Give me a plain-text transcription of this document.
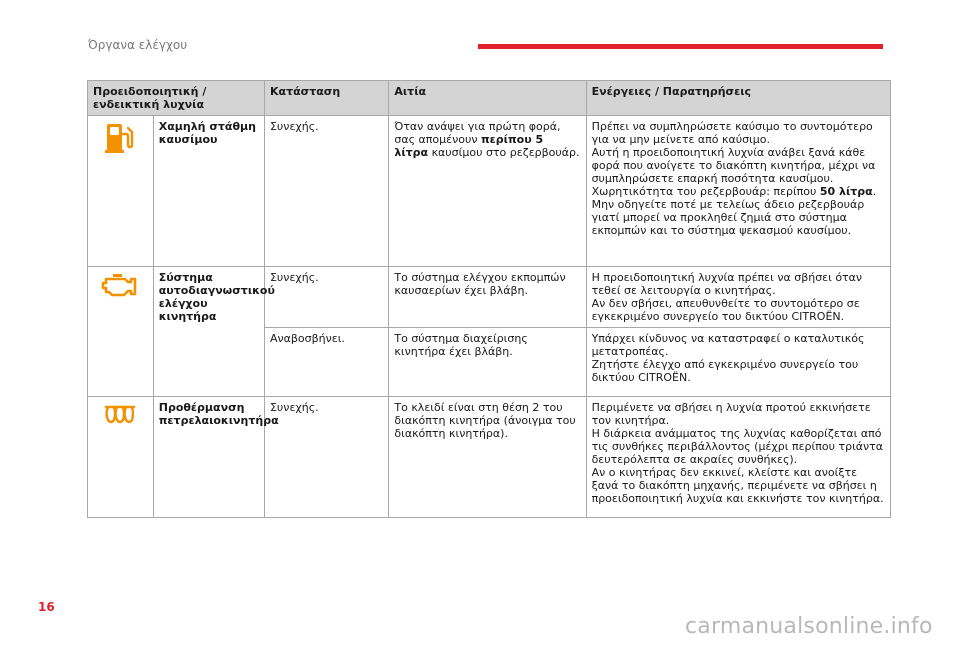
Όργανα ελέγχου
Προειδοποιητική / ενδεικτική λυχνία		Κατάσταση	Αιτία	Ενέργειες / Παρατηρήσεις

Χαμηλή στάθμη καυσίμου	Συνεχής.	Όταν ανάψει για πρώτη φορά, σας απομένουν περίπου 5 λίτρα καυσίμου στο ρεζερβουάρ.	Πρέπει να συμπληρώσετε καύσιμο το συντομότερο για να μην μείνετε από καύσιμο.
Αυτή η προειδοποιητική λυχνία ανάβει ξανά κάθε φορά που ανοίγετε το διακόπτη κινητήρα, μέχρι να συμπληρώσετε επαρκή ποσότητα καυσίμου.
Χωρητικότητα του ρεζερβουάρ: περίπου 50 λίτρα.
Μην οδηγείτε ποτέ με τελείως άδειο ρεζερβουάρ γιατί μπορεί να προκληθεί ζημιά στο σύστημα εκπομπών και το σύστημα ψεκασμού καυσίμου.

Σύστημα αυτοδιαγνωστικού ελέγχου κινητήρα	Συνεχής.	Το σύστημα ελέγχου εκπομπών καυσαερίων έχει βλάβη.	Η προειδοποιητική λυχνία πρέπει να σβήσει όταν τεθεί σε λειτουργία ο κινητήρας.
Αν δεν σβήσει, απευθυνθείτε το συντομότερο σε εγκεκριμένο συνεργείο του δικτύου CITROËN.

		Αναβοσβήνει.	Το σύστημα διαχείρισης κινητήρα έχει βλάβη.	Υπάρχει κίνδυνος να καταστραφεί ο καταλυτικός μετατροπέας.
Ζητήστε έλεγχο από εγκεκριμένο συνεργείο του δικτύου CITROËN.

Προθέρμανση πετρελαιοκινητήρα	Συνεχής.	Το κλειδί είναι στη θέση 2 του διακόπτη κινητήρα (άνοιγμα του διακόπτη κινητήρα).	Περιμένετε να σβήσει η λυχνία προτού εκκινήσετε τον κινητήρα.
Η διάρκεια ανάμματος της λυχνίας καθορίζεται από τις συνθήκες περιβάλλοντος (μέχρι περίπου τριάντα δευτερόλεπτα σε ακραίες συνθήκες).
Αν ο κινητήρας δεν εκκινεί, κλείστε και ανοίξτε ξανά το διακόπτη μηχανής, περιμένετε να σβήσει η προειδοποιητική λυχνία και εκκινήστε τον κινητήρα.
16
carmanualsonline.info
